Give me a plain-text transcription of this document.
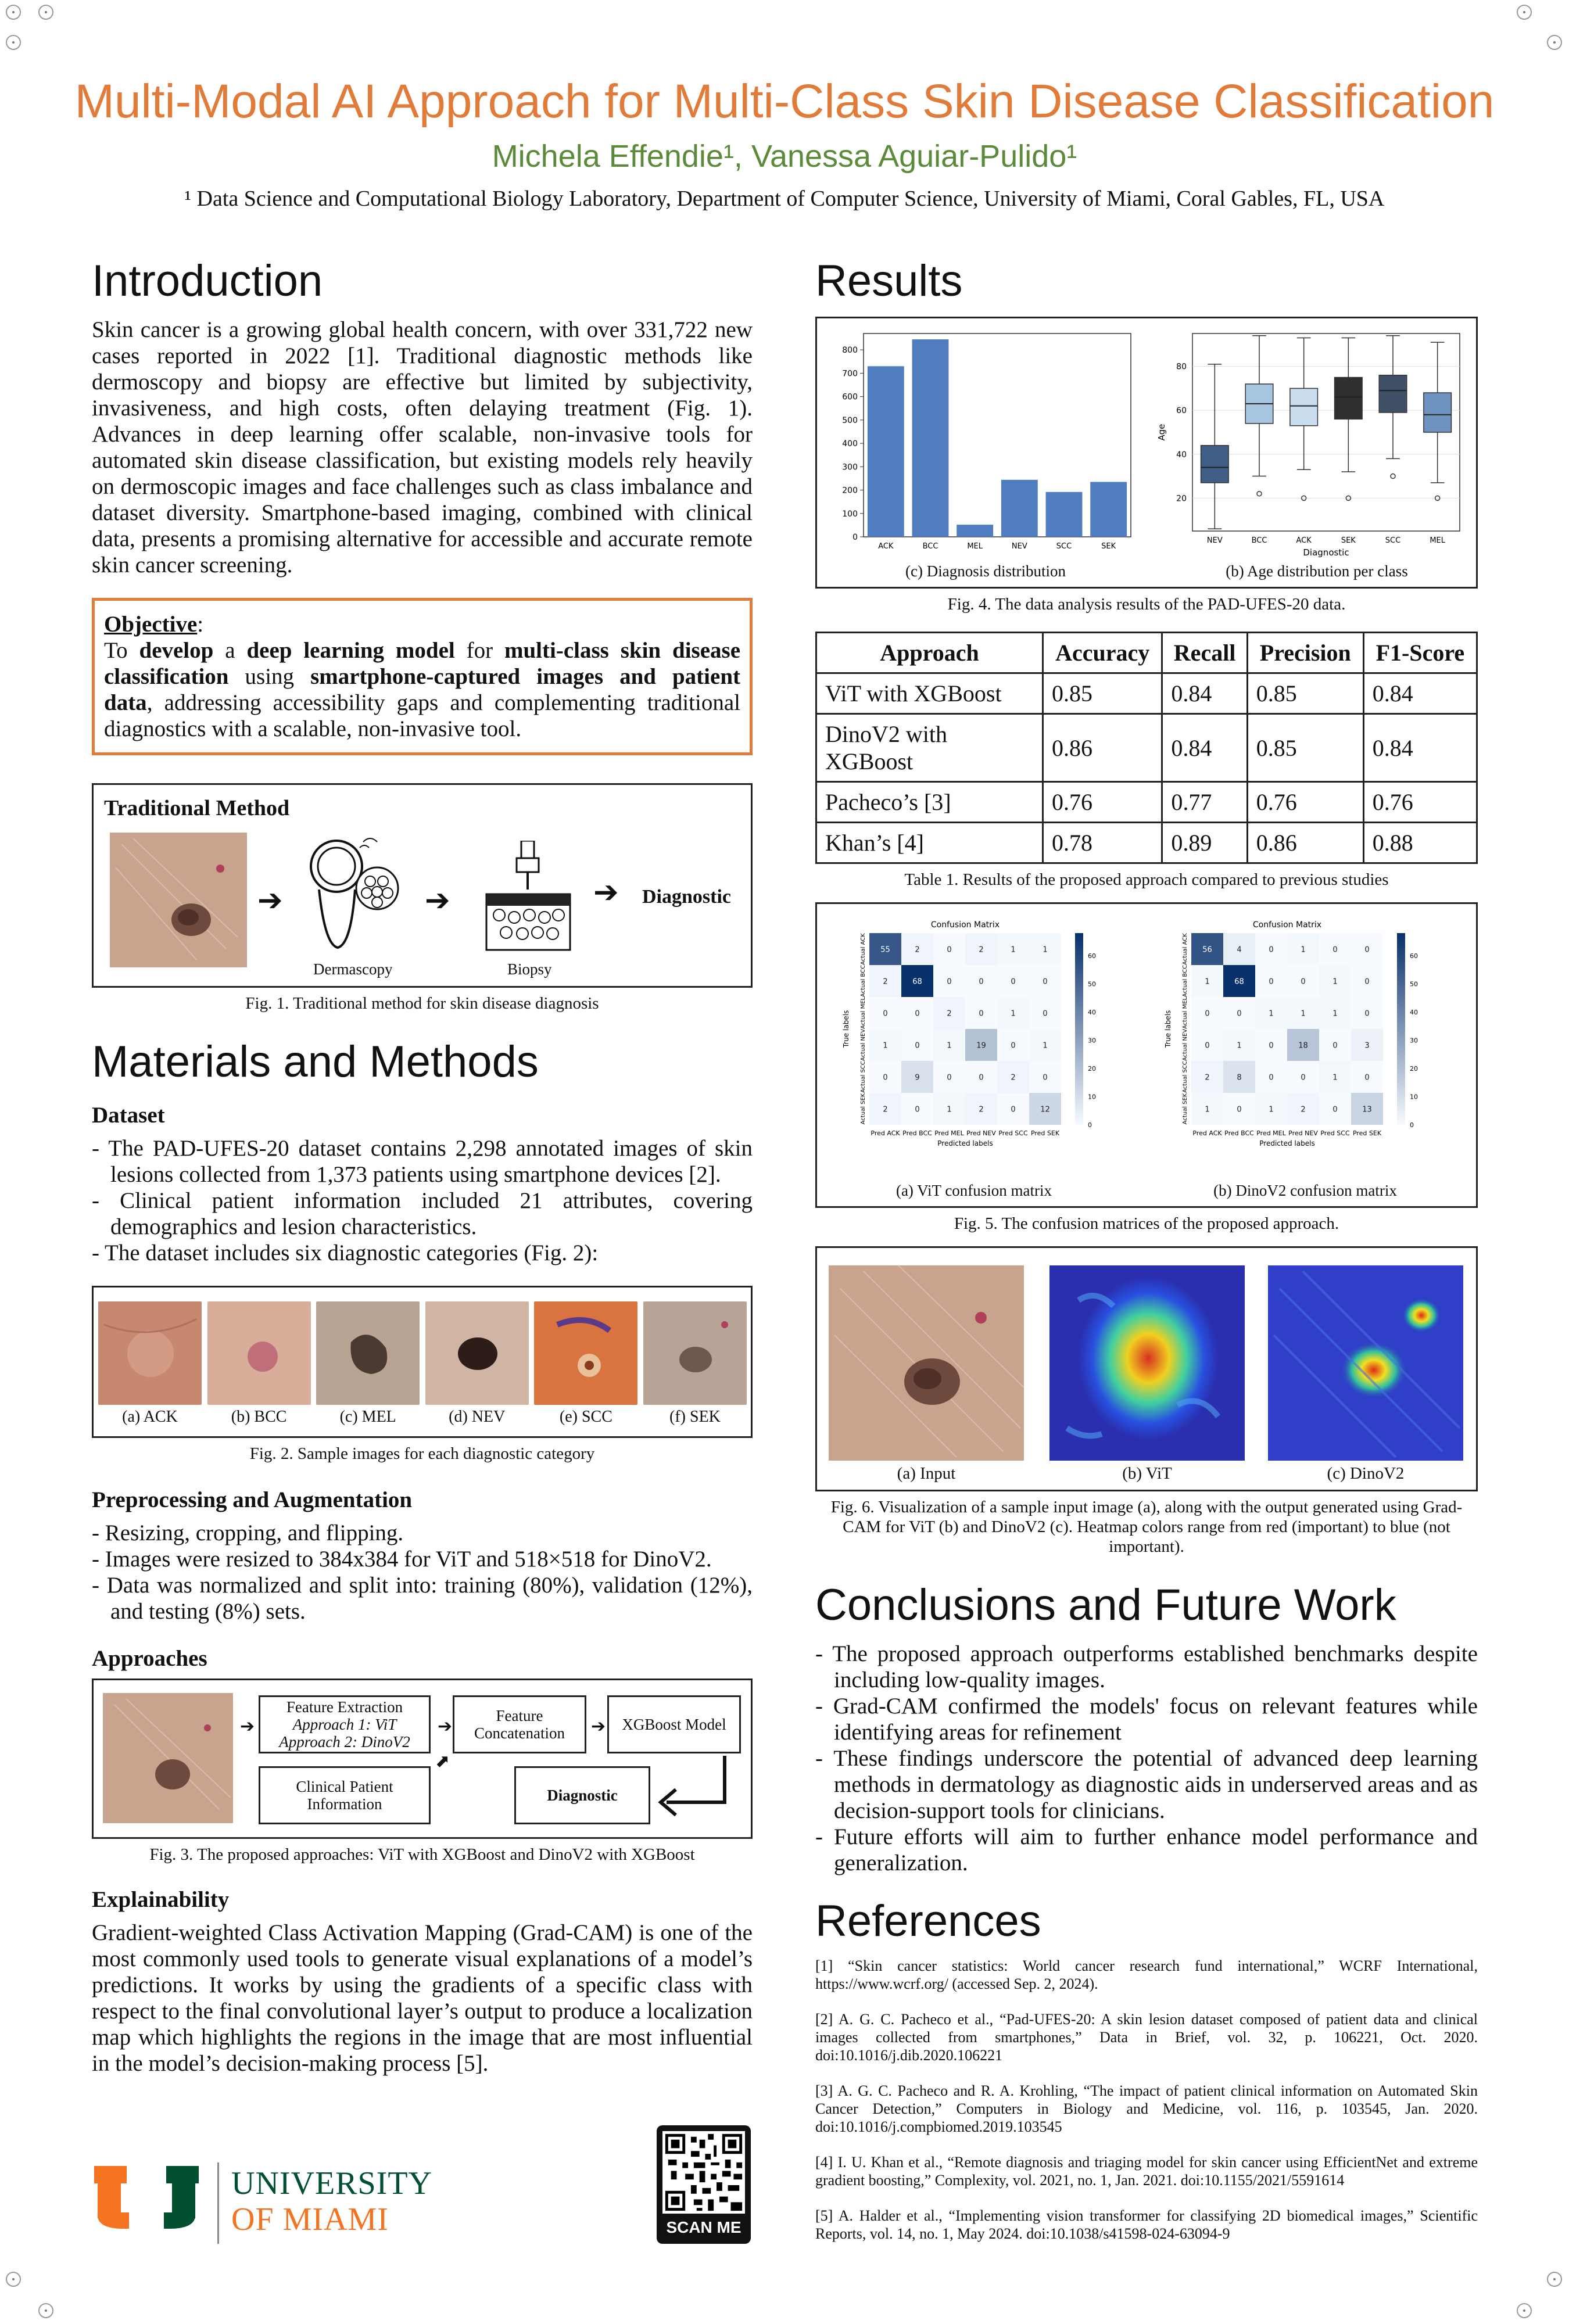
Multi-Modal AI Approach for Multi-Class Skin Disease Classification
Michela Effendie¹, Vanessa Aguiar-Pulido¹
¹ Data Science and Computational Biology Laboratory, Department of Computer Science, University of Miami, Coral Gables, FL, USA
Introduction

Skin cancer is a growing global health concern, with over 331,722 new cases reported in 2022 [1]. Traditional diagnostic methods like dermoscopy and biopsy are effective but limited by subjectivity, invasiveness, and high costs, often delaying treatment (Fig. 1). Advances in deep learning offer scalable, non-invasive tools for automated skin disease classification, but existing models rely heavily on dermoscopic images and face challenges such as class imbalance and dataset diversity. Smartphone-based imaging, combined with clinical data, presents a promising alternative for accessible and accurate remote skin cancer screening.

Objective:
To develop a deep learning model for multi-class skin disease classification using smartphone-captured images and patient data, addressing accessibility gaps and complementing traditional diagnostics with a scalable, non-invasive tool.
Traditional Method
➔
Dermascopy
➔
Biopsy
➔ Diagnostic
Fig. 1. Traditional method for skin disease diagnosis
Materials and Methods
Dataset
- The PAD-UFES-20 dataset contains 2,298 annotated images of skin lesions collected from 1,373 patients using smartphone devices [2].
- Clinical patient information included 21 attributes, covering demographics and lesion characteristics.
- The dataset includes six diagnostic categories (Fig. 2):
(a) ACK	(b) BCC	(c) MEL	(d) NEV	(e) SCC	(f) SEK
Fig. 2. Sample images for each diagnostic category
Preprocessing and Augmentation
- Resizing, cropping, and flipping.
- Images were resized to 384x384 for ViT and 518×518 for DinoV2.
- Data was normalized and split into: training (80%), validation (12%), and testing (8%) sets.
Approaches
➔
Feature Extraction
Approach 1: ViT
Approach 2: DinoV2
Clinical Patient Information
➔
⬈
Feature Concatenation	➔ XGBoost Model
Diagnostic
Fig. 3. The proposed approaches: ViT with XGBoost and DinoV2 with XGBoost
Explainability

Gradient-weighted Class Activation Mapping (Grad-CAM) is one of the most commonly used tools to generate visual explanations of a model’s predictions. It works by using the gradients of a specific class with respect to the final convolutional layer’s output to produce a localization map which highlights the regions in the image that are most influential in the model’s decision-making process [5].

UNIVERSITY
OF MIAMI	SCAN ME
Results
0
100
200
300
400
500
600
700
800
ACK	BCC	MEL	NEV	SCC	SEK
20
40
60
80
Age
Diagnostic
NEV	BCC	ACK	SEK	SCC	MEL
(c) Diagnosis distribution	(b) Age distribution per class
Fig. 4. The data analysis results of the PAD-UFES-20 data.
Approach	Accuracy	Recall	Precision	F1-Score
ViT with XGBoost	0.85	0.84	0.85	0.84
DinoV2 with XGBoost	0.86	0.84	0.85	0.84
Pacheco’s [3]	0.76	0.77	0.76	0.76
Khan’s [4]	0.78	0.89	0.86	0.88
Table 1. Results of the proposed approach compared to previous studies
Confusion Matrix
55	2	0	2	1	1
2	68	0	0	0	0
0	0	2	0	1	0
1	0	1	19	0	1
0	9	0	0	2	0
2	0	1	2	0	12
Pred ACK Pred BCC Pred MEL Pred NEV Pred SCC Pred SEK
Actual ACK
Actual BCC
Actual MEL
Actual NEV
Actual SCC
Actual SEK
Predicted labels
True labels
0
10
20
30
40
50
60
Confusion Matrix
56	4	0	1	0	0
1	68	0	0	1	0
0	0	1	1	1	0
0	1	0	18	0	3
2	8	0	0	1	0
1	0	1	2	0	13
Pred ACK Pred BCC Pred MEL Pred NEV Pred SCC Pred SEK
Actual ACK
Actual BCC
Actual MEL
Actual NEV
Actual SCC
Actual SEK
Predicted labels
True labels
0
10
20
30
40
50
60
(a) ViT confusion matrix	(b) DinoV2 confusion matrix
Fig. 5. The confusion matrices of the proposed approach.
(a) Input	(b) ViT	(c) DinoV2
Fig. 6. Visualization of a sample input image (a), along with the output generated using Grad-CAM for ViT (b) and DinoV2 (c). Heatmap colors range from red (important) to blue (not important).
Conclusions and Future Work
- The proposed approach outperforms established benchmarks despite including low-quality images.
- Grad-CAM confirmed the models' focus on relevant features while identifying areas for refinement
- These findings underscore the potential of advanced deep learning methods in dermatology as diagnostic aids in underserved areas and as decision-support tools for clinicians.
- Future efforts will aim to further enhance model performance and generalization.
References
[1] “Skin cancer statistics: World cancer research fund international,” WCRF International, https://www.wcrf.org/ (accessed Sep. 2, 2024).
[2] A. G. C. Pacheco et al., “Pad-UFES-20: A skin lesion dataset composed of patient data and clinical images collected from smartphones,” Data in Brief, vol. 32, p. 106221, Oct. 2020. doi:10.1016/j.dib.2020.106221
[3] A. G. C. Pacheco and R. A. Krohling, “The impact of patient clinical information on Automated Skin Cancer Detection,” Computers in Biology and Medicine, vol. 116, p. 103545, Jan. 2020. doi:10.1016/j.compbiomed.2019.103545
[4] I. U. Khan et al., “Remote diagnosis and triaging model for skin cancer using EfficientNet and extreme gradient boosting,” Complexity, vol. 2021, no. 1, Jan. 2021. doi:10.1155/2021/5591614
[5] A. Halder et al., “Implementing vision transformer for classifying 2D biomedical images,” Scientific Reports, vol. 14, no. 1, May 2024. doi:10.1038/s41598-024-63094-9
